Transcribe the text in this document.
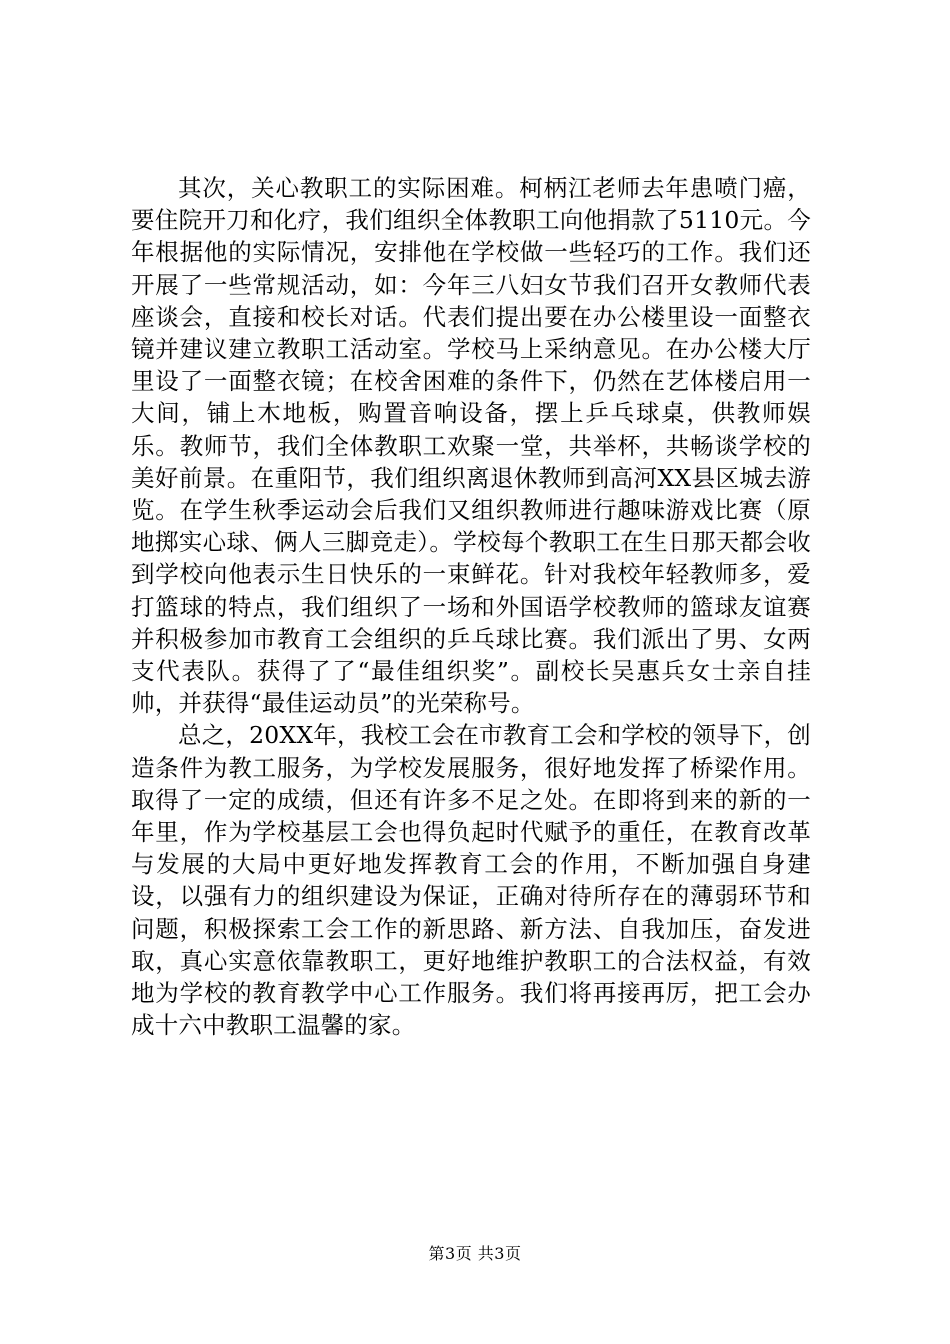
其次，关心教职工的实际困难。柯柄江老师去年患喷门癌，要住院开刀和化疗，我们组织全体教职工向他捐款了5110元。今年根据他的实际情况，安排他在学校做一些轻巧的工作。我们还开展了一些常规活动，如：今年三八妇女节我们召开女教师代表座谈会，直接和校长对话。代表们提出要在办公楼里设一面整衣镜并建议建立教职工活动室。学校马上采纳意见。在办公楼大厅里设了一面整衣镜；在校舍困难的条件下，仍然在艺体楼启用一大间，铺上木地板，购置音响设备，摆上乒乓球桌，供教师娱乐。教师节，我们全体教职工欢聚一堂，共举杯，共畅谈学校的美好前景。在重阳节，我们组织离退休教师到高河XX县区城去游览。在学生秋季运动会后我们又组织教师进行趣味游戏比赛（原地掷实心球、俩人三脚竞走）。学校每个教职工在生日那天都会收到学校向他表示生日快乐的一束鲜花。针对我校年轻教师多，爱打篮球的特点，我们组织了一场和外国语学校教师的篮球友谊赛并积极参加市教育工会组织的乒乓球比赛。我们派出了男、女两支代表队。获得了了“最佳组织奖”。副校长吴惠兵女士亲自挂帅，并获得“最佳运动员”的光荣称号。

总之，20XX年，我校工会在市教育工会和学校的领导下，创造条件为教工服务，为学校发展服务，很好地发挥了桥梁作用。取得了一定的成绩，但还有许多不足之处。在即将到来的新的一年里，作为学校基层工会也得负起时代赋予的重任，在教育改革与发展的大局中更好地发挥教育工会的作用，不断加强自身建设，以强有力的组织建设为保证，正确对待所存在的薄弱环节和问题，积极探索工会工作的新思路、新方法、自我加压，奋发进取，真心实意依靠教职工，更好地维护教职工的合法权益，有效地为学校的教育教学中心工作服务。我们将再接再厉，把工会办成十六中教职工温馨的家。

第3页 共3页
